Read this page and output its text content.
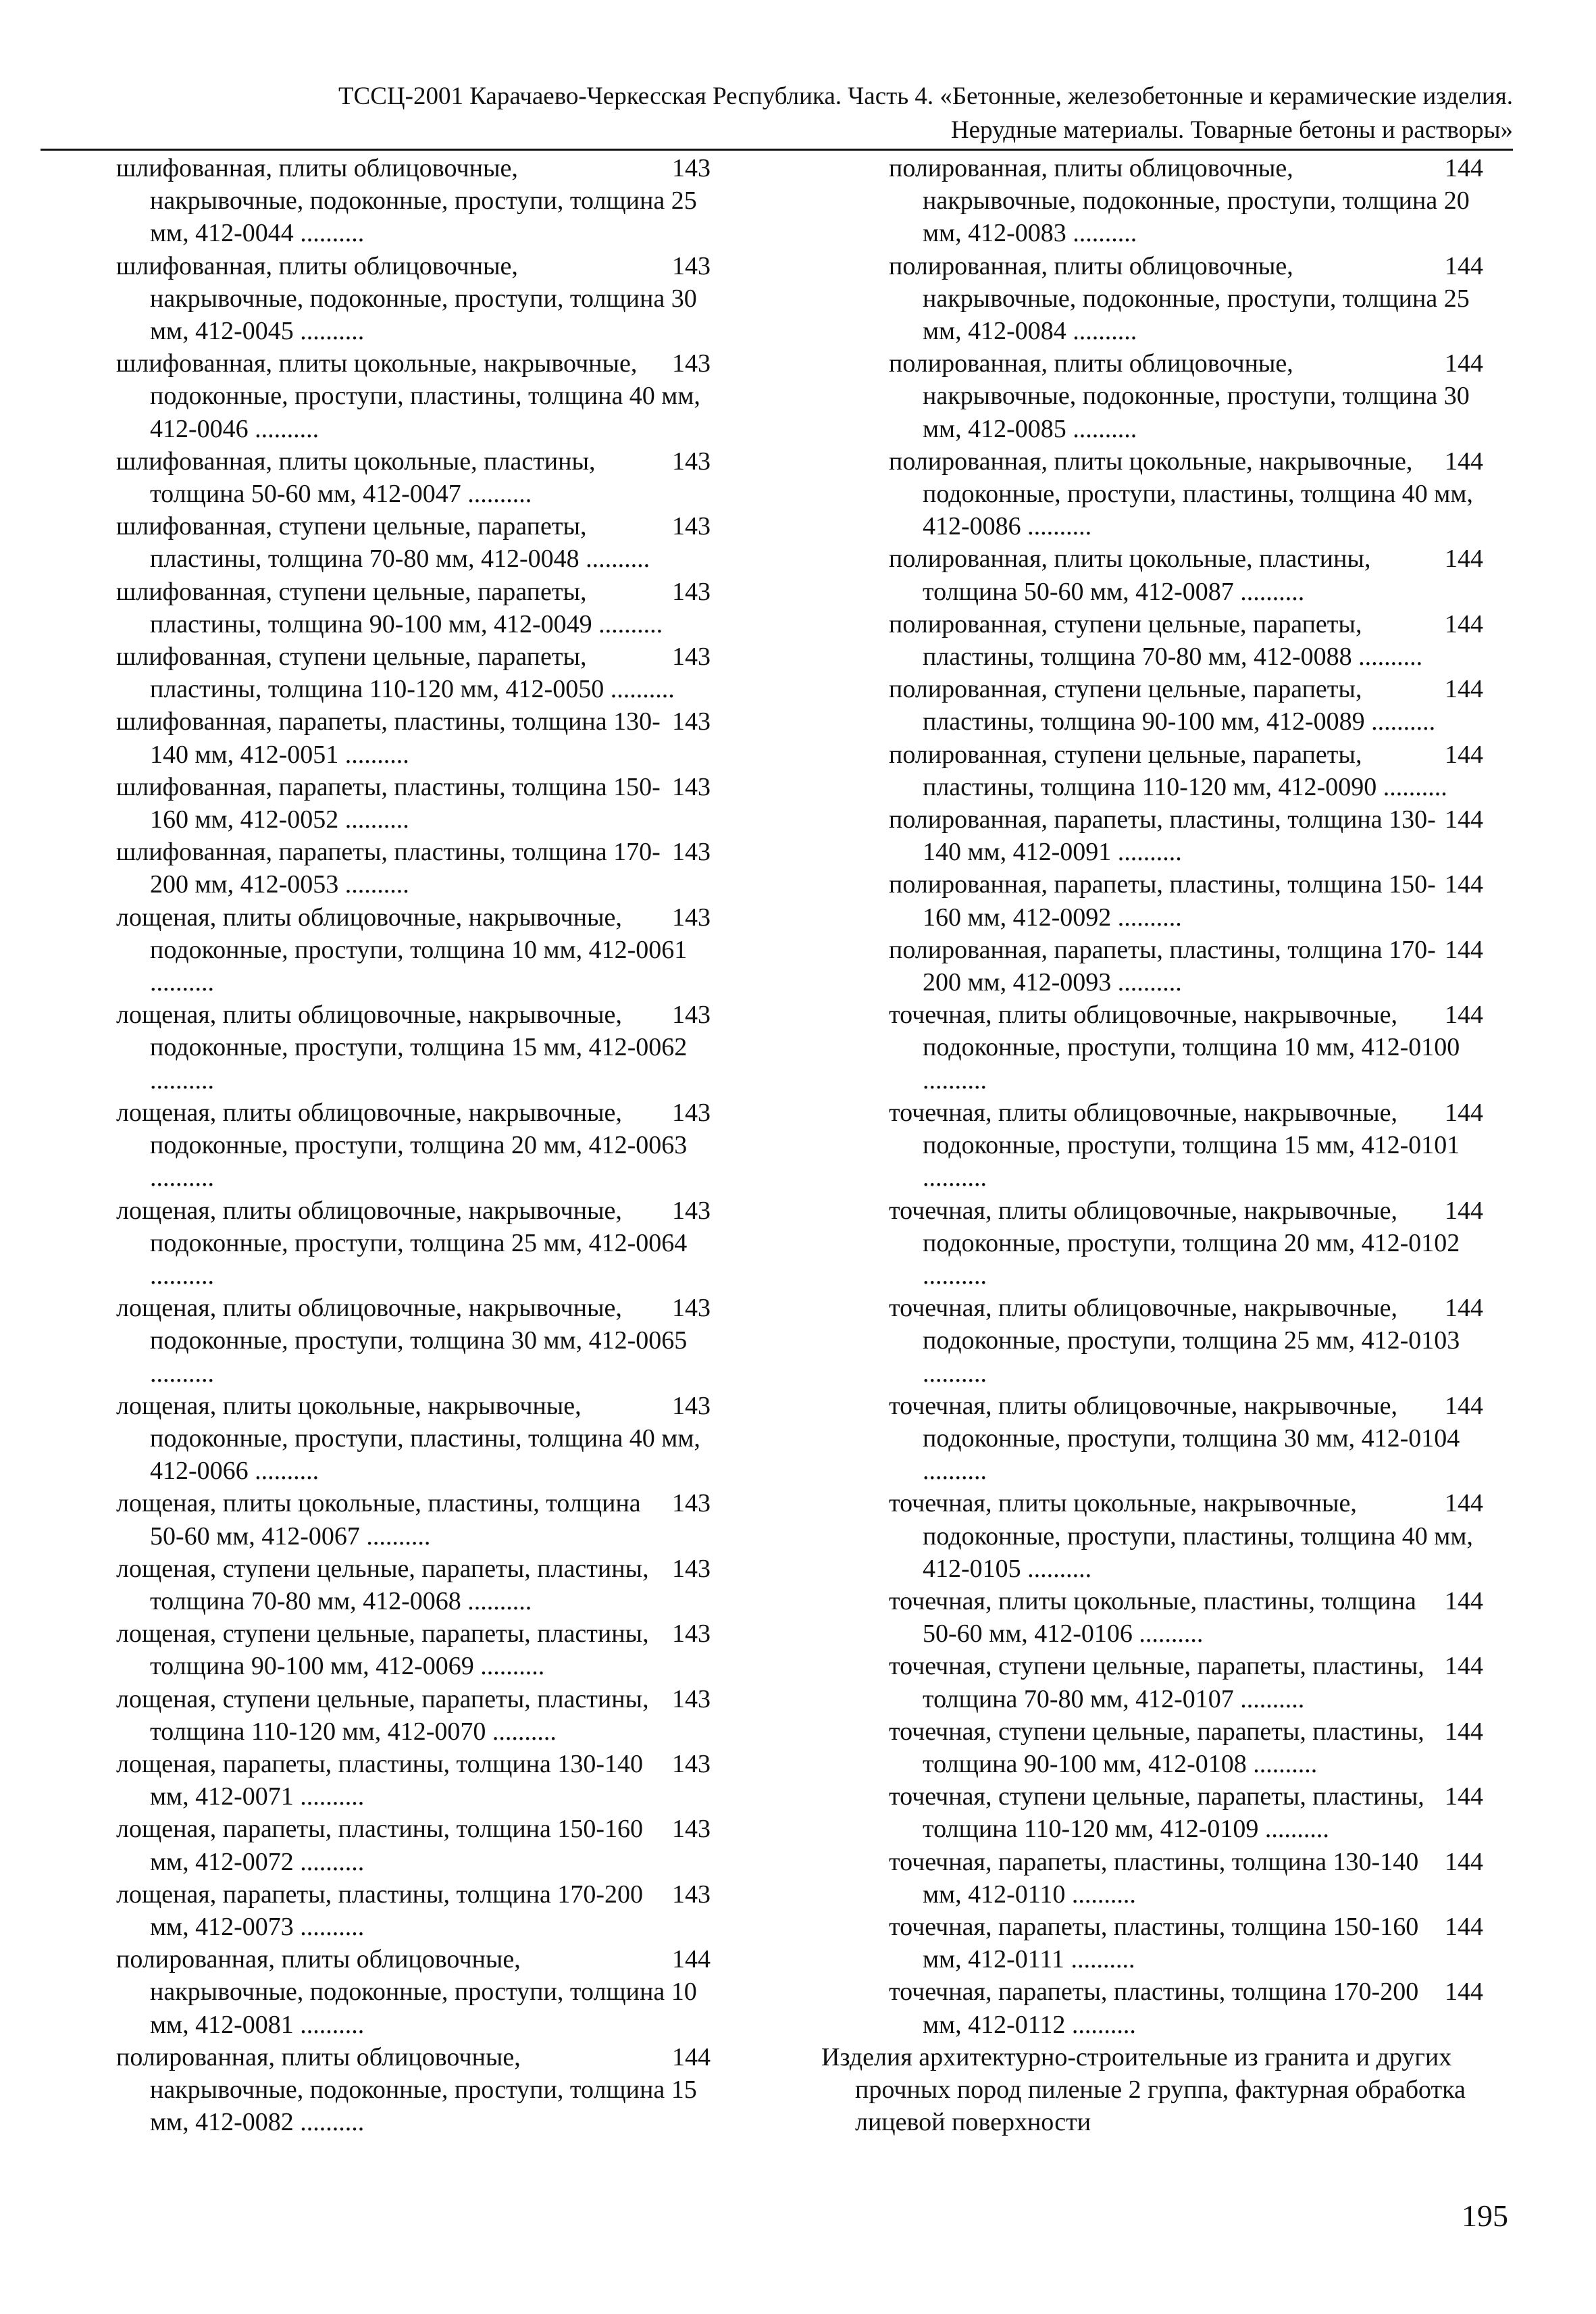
ТССЦ-2001 Карачаево-Черкесская Республика. Часть 4. «Бетонные, железобетонные и керамические изделия.
Нерудные материалы. Товарные бетоны и растворы»
143
шлифованная, плиты облицовочные, накрывочные, подоконные, проступи, толщина 25 мм, 412-0044 ..........
143
шлифованная, плиты облицовочные, накрывочные, подоконные, проступи, толщина 30 мм, 412-0045 ..........
143
шлифованная, плиты цокольные, накрывочные, подоконные, проступи, пластины, толщина 40 мм, 412-0046 ..........
143
шлифованная, плиты цокольные, пластины, толщина 50-60 мм, 412-0047 ..........
143
шлифованная, ступени цельные, парапеты, пластины, толщина 70-80 мм, 412-0048 ..........
143
шлифованная, ступени цельные, парапеты, пластины, толщина 90-100 мм, 412-0049 ..........
143
шлифованная, ступени цельные, парапеты, пластины, толщина 110-120 мм, 412-0050 ..........
143
шлифованная, парапеты, пластины, толщина 130-140 мм, 412-0051 ..........
143
шлифованная, парапеты, пластины, толщина 150-160 мм, 412-0052 ..........
143
шлифованная, парапеты, пластины, толщина 170-200 мм, 412-0053 ..........
143
лощеная, плиты облицовочные, накрывочные, подоконные, проступи, толщина 10 мм, 412-0061 ..........
143
лощеная, плиты облицовочные, накрывочные, подоконные, проступи, толщина 15 мм, 412-0062 ..........
143
лощеная, плиты облицовочные, накрывочные, подоконные, проступи, толщина 20 мм, 412-0063 ..........
143
лощеная, плиты облицовочные, накрывочные, подоконные, проступи, толщина 25 мм, 412-0064 ..........
143
лощеная, плиты облицовочные, накрывочные, подоконные, проступи, толщина 30 мм, 412-0065 ..........
143
лощеная, плиты цокольные, накрывочные, подоконные, проступи, пластины, толщина 40 мм, 412-0066 ..........
143
лощеная, плиты цокольные, пластины, толщина 50-60 мм, 412-0067 ..........
143
лощеная, ступени цельные, парапеты, пластины, толщина 70-80 мм, 412-0068 ..........
143
лощеная, ступени цельные, парапеты, пластины, толщина 90-100 мм, 412-0069 ..........
143
лощеная, ступени цельные, парапеты, пластины, толщина 110-120 мм, 412-0070 ..........
143
лощеная, парапеты, пластины, толщина 130-140 мм, 412-0071 ..........
143
лощеная, парапеты, пластины, толщина 150-160 мм, 412-0072 ..........
143
лощеная, парапеты, пластины, толщина 170-200 мм, 412-0073 ..........
144
полированная, плиты облицовочные, накрывочные, подоконные, проступи, толщина 10 мм, 412-0081 ..........
144
полированная, плиты облицовочные, накрывочные, подоконные, проступи, толщина 15 мм, 412-0082 ..........
144
полированная, плиты облицовочные, накрывочные, подоконные, проступи, толщина 20 мм, 412-0083 ..........
144
полированная, плиты облицовочные, накрывочные, подоконные, проступи, толщина 25 мм, 412-0084 ..........
144
полированная, плиты облицовочные, накрывочные, подоконные, проступи, толщина 30 мм, 412-0085 ..........
144
полированная, плиты цокольные, накрывочные, подоконные, проступи, пластины, толщина 40 мм, 412-0086 ..........
144
полированная, плиты цокольные, пластины, толщина 50-60 мм, 412-0087 ..........
144
полированная, ступени цельные, парапеты, пластины, толщина 70-80 мм, 412-0088 ..........
144
полированная, ступени цельные, парапеты, пластины, толщина 90-100 мм, 412-0089 ..........
144
полированная, ступени цельные, парапеты, пластины, толщина 110-120 мм, 412-0090 ..........
144
полированная, парапеты, пластины, толщина 130-140 мм, 412-0091 ..........
144
полированная, парапеты, пластины, толщина 150-160 мм, 412-0092 ..........
144
полированная, парапеты, пластины, толщина 170-200 мм, 412-0093 ..........
144
точечная, плиты облицовочные, накрывочные, подоконные, проступи, толщина 10 мм, 412-0100 ..........
144
точечная, плиты облицовочные, накрывочные, подоконные, проступи, толщина 15 мм, 412-0101 ..........
144
точечная, плиты облицовочные, накрывочные, подоконные, проступи, толщина 20 мм, 412-0102 ..........
144
точечная, плиты облицовочные, накрывочные, подоконные, проступи, толщина 25 мм, 412-0103 ..........
144
точечная, плиты облицовочные, накрывочные, подоконные, проступи, толщина 30 мм, 412-0104 ..........
144
точечная, плиты цокольные, накрывочные, подоконные, проступи, пластины, толщина 40 мм, 412-0105 ..........
144
точечная, плиты цокольные, пластины, толщина 50-60 мм, 412-0106 ..........
144
точечная, ступени цельные, парапеты, пластины, толщина 70-80 мм, 412-0107 ..........
144
точечная, ступени цельные, парапеты, пластины, толщина 90-100 мм, 412-0108 ..........
144
точечная, ступени цельные, парапеты, пластины, толщина 110-120 мм, 412-0109 ..........
144
точечная, парапеты, пластины, толщина 130-140 мм, 412-0110 ..........
144
точечная, парапеты, пластины, толщина 150-160 мм, 412-0111 ..........
144
точечная, парапеты, пластины, толщина 170-200 мм, 412-0112 ..........
Изделия архитектурно-строительные из гранита и других прочных пород пиленые 2 группа, фактурная обработка лицевой поверхности
195
